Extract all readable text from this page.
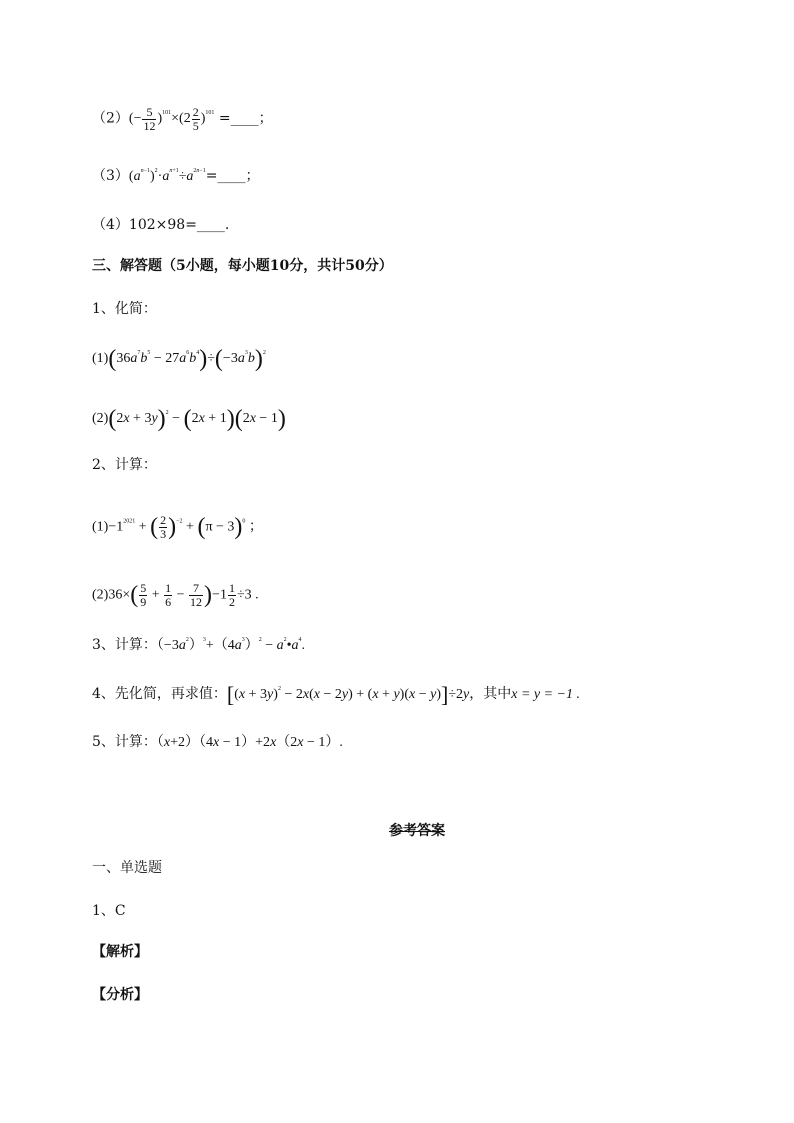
$(2)(- \frac{5}{12} )^{101}\times(2 \frac{2}{5} )^{101}$ =____；
$(3)(a^{n-1})^2\cdot a^{n+1}\div a^{2n-1}=\_\_\_\_$；
（4）102×98=____.
三、解答题（5小题，每小题10分，共计50分）
1、化简：
$(1)(36a^7b^5 - 27a^6b^4)\div(-3a^3b)^2$
$(2)(2x + 3y)^2 - (2x + 1)(2x - 1)$
2、计算：
$(1)-1^{2021}$ + ( $\frac{2}{3} )^{-2} + (\pi - 3)^0$ ；
$(2)36\times( \frac{5}{9} + \frac{1}{6} - \frac{7}{12} )-1 \frac{1}{2} \div 3$ .
3、计算：$(-3a^2)^3+(4a^3)^2$ − $a^2•a^4$.
4、先化简，再求值：$[(x + 3y)^2 - 2x(x - 2y) + (x + y)(x - y)]\div 2y$，其中x = y = −1 .
5、计算：（x+2）（4x − 1）+2x（2x − 1）.
参考答案
一、单选题
1、C
【解析】
【分析】
